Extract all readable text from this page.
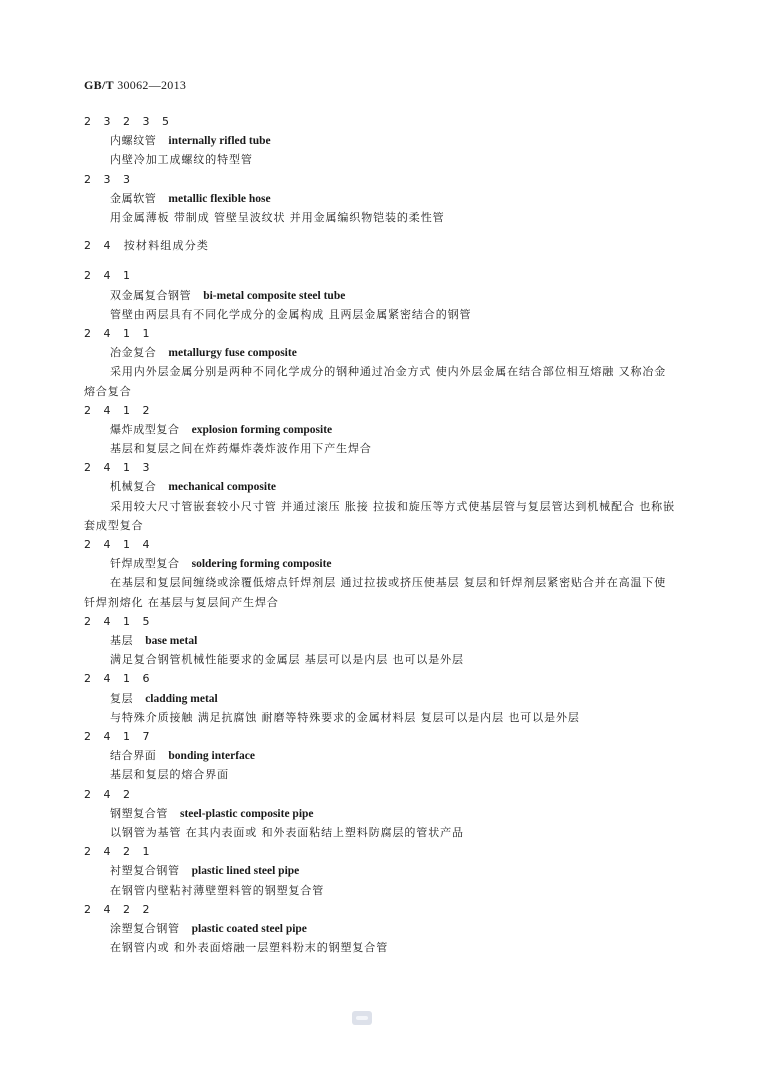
GB/T 30062—2013
2 3 2 3 5
内螺纹管 internally rifled tube

内壁冷加工成螺纹的特型管

2 3 3
金属软管 metallic flexible hose

用金属薄板 带制成 管壁呈波纹状 并用金属编织物铠装的柔性管

2 4 按材料组成分类
2 4 1
双金属复合钢管 bi-metal composite steel tube

管壁由两层具有不同化学成分的金属构成 且两层金属紧密结合的钢管

2 4 1 1
冶金复合 metallurgy fuse composite

采用内外层金属分别是两种不同化学成分的钢种通过冶金方式 使内外层金属在结合部位相互熔融 又称冶金熔合复合

2 4 1 2
爆炸成型复合 explosion forming composite

基层和复层之间在炸药爆炸袭炸波作用下产生焊合

2 4 1 3
机械复合 mechanical composite

采用较大尺寸管嵌套较小尺寸管 并通过滚压 胀接 拉拔和旋压等方式使基层管与复层管达到机械配合 也称嵌套成型复合

2 4 1 4
钎焊成型复合 soldering forming composite

在基层和复层间缠绕或涂覆低熔点钎焊剂层 通过拉拔或挤压使基层 复层和钎焊剂层紧密贴合并在高温下使钎焊剂熔化 在基层与复层间产生焊合

2 4 1 5
基层 base metal

满足复合钢管机械性能要求的金属层 基层可以是内层 也可以是外层

2 4 1 6
复层 cladding metal

与特殊介质接触 满足抗腐蚀 耐磨等特殊要求的金属材料层 复层可以是内层 也可以是外层

2 4 1 7
结合界面 bonding interface

基层和复层的熔合界面

2 4 2
钢塑复合管 steel-plastic composite pipe

以钢管为基管 在其内表面或 和外表面粘结上塑料防腐层的管状产品

2 4 2 1
衬塑复合钢管 plastic lined steel pipe

在钢管内壁粘衬薄壁塑料管的钢塑复合管

2 4 2 2
涂塑复合钢管 plastic coated steel pipe

在钢管内或 和外表面熔融一层塑料粉末的钢塑复合管
